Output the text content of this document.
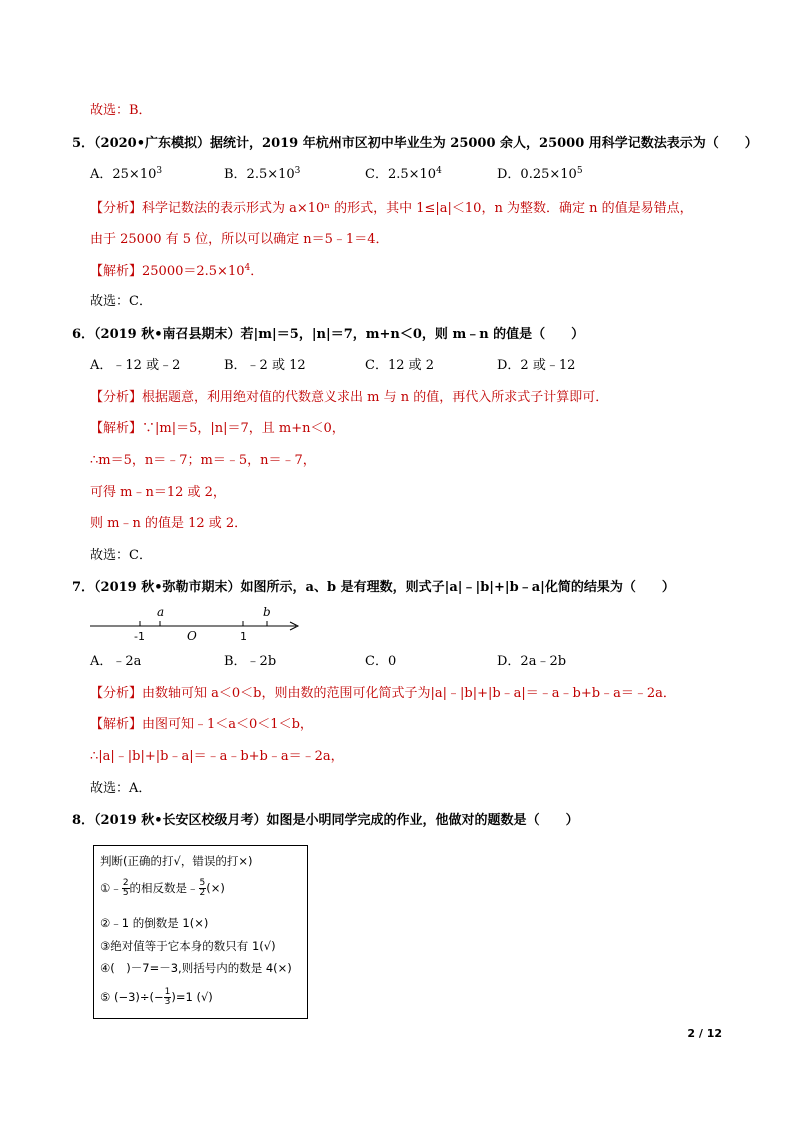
故选：B．
5．（2020•广东模拟）据统计，2019 年杭州市区初中毕业生为 25000 余人，25000 用科学记数法表示为（　　）
A．$25\times 10^3$	B．$2.5\times 10^3$	C．$2.5\times 10^4$	D．$0.25\times 10^5$
【分析】科学记数法的表示形式为 a×10ⁿ 的形式，其中 1≤|a|＜10，n 为整数．确定 n 的值是易错点，
由于 25000 有 5 位，所以可以确定 n＝5﹣1＝4．
【解析】$25000=2.5\times 10^4$．
故选：C．
6．（2019 秋•南召县期末）若|m|＝5，|n|＝7，m+n＜0，则 m﹣n 的值是（　　）
A．﹣12 或﹣2	B．﹣2 或 12	C．12 或 2	D．2 或﹣12
【分析】根据题意，利用绝对值的代数意义求出 m 与 n 的值，再代入所求式子计算即可．
【解析】∵|m|＝5，|n|＝7，且 m+n＜0，
∴m＝5，n＝﹣7；m＝﹣5，n＝﹣7，
可得 m﹣n＝12 或 2，
则 m﹣n 的值是 12 或 2．
故选：C．
7．（2019 秋•弥勒市期末）如图所示，a、b 是有理数，则式子|a|﹣|b|+|b﹣a|化简的结果为（　　）
a	b
-1	O	1
A．﹣2a	B．﹣2b	C．0	D．2a﹣2b
【分析】由数轴可知 a＜0＜b，则由数的范围可化简式子为|a|﹣|b|+|b﹣a|＝﹣a﹣b+b﹣a＝﹣2a．
【解析】由图可知﹣1＜a＜0＜1＜b，
∴|a|﹣|b|+|b﹣a|＝﹣a﹣b+b﹣a＝﹣2a，
故选：A．
8．（2019 秋•长安区校级月考）如图是小明同学完成的作业，他做对的题数是（　　）
判断(正确的打√，错误的打×)
①﹣ $\frac{2}{5}$ 的相反数是﹣ $\frac{5}{2}$ (×)
②﹣1 的倒数是 1(×)
③绝对值等于它本身的数只有 1(√)
④(　)－7=－3,则括号内的数是 4(×)
⑤ $(-3)\div(- \frac{1}{3} )=1$ (√)
2 / 12
